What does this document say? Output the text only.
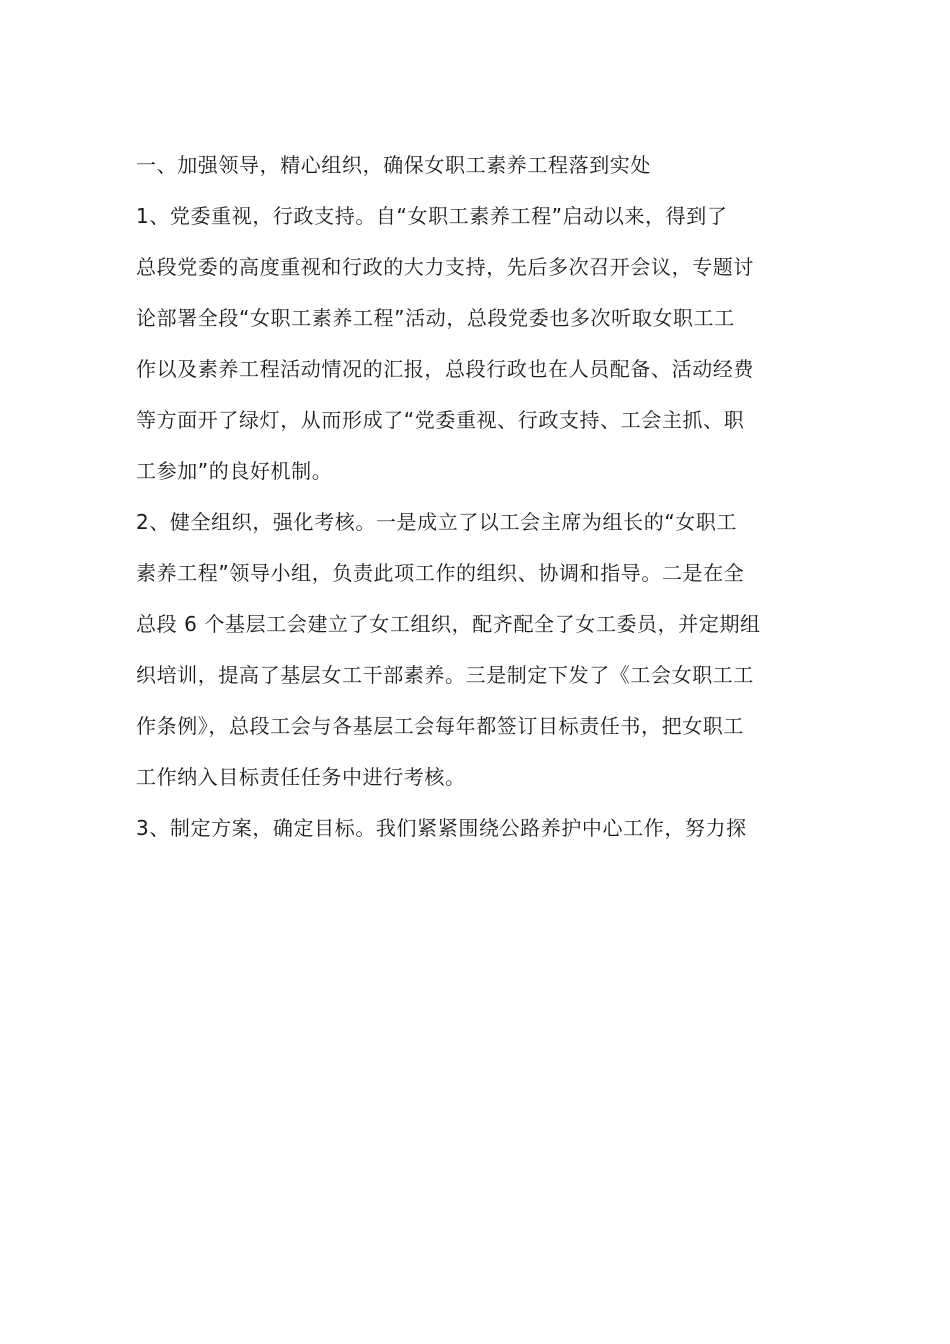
一、加强领导，精心组织，确保女职工素养工程落到实处

1、党委重视，行政支持。自“女职工素养工程”启动以来，得到了

总段党委的高度重视和行政的大力支持，先后多次召开会议，专题讨

论部署全段“女职工素养工程”活动，总段党委也多次听取女职工工

作以及素养工程活动情况的汇报，总段行政也在人员配备、活动经费

等方面开了绿灯，从而形成了“党委重视、行政支持、工会主抓、职

工参加”的良好机制。

2、健全组织，强化考核。一是成立了以工会主席为组长的“女职工

素养工程”领导小组，负责此项工作的组织、协调和指导。二是在全

总段 6 个基层工会建立了女工组织，配齐配全了女工委员，并定期组

织培训，提高了基层女工干部素养。三是制定下发了《工会女职工工

作条例》，总段工会与各基层工会每年都签订目标责任书，把女职工

工作纳入目标责任任务中进行考核。

3、制定方案，确定目标。我们紧紧围绕公路养护中心工作，努力探
